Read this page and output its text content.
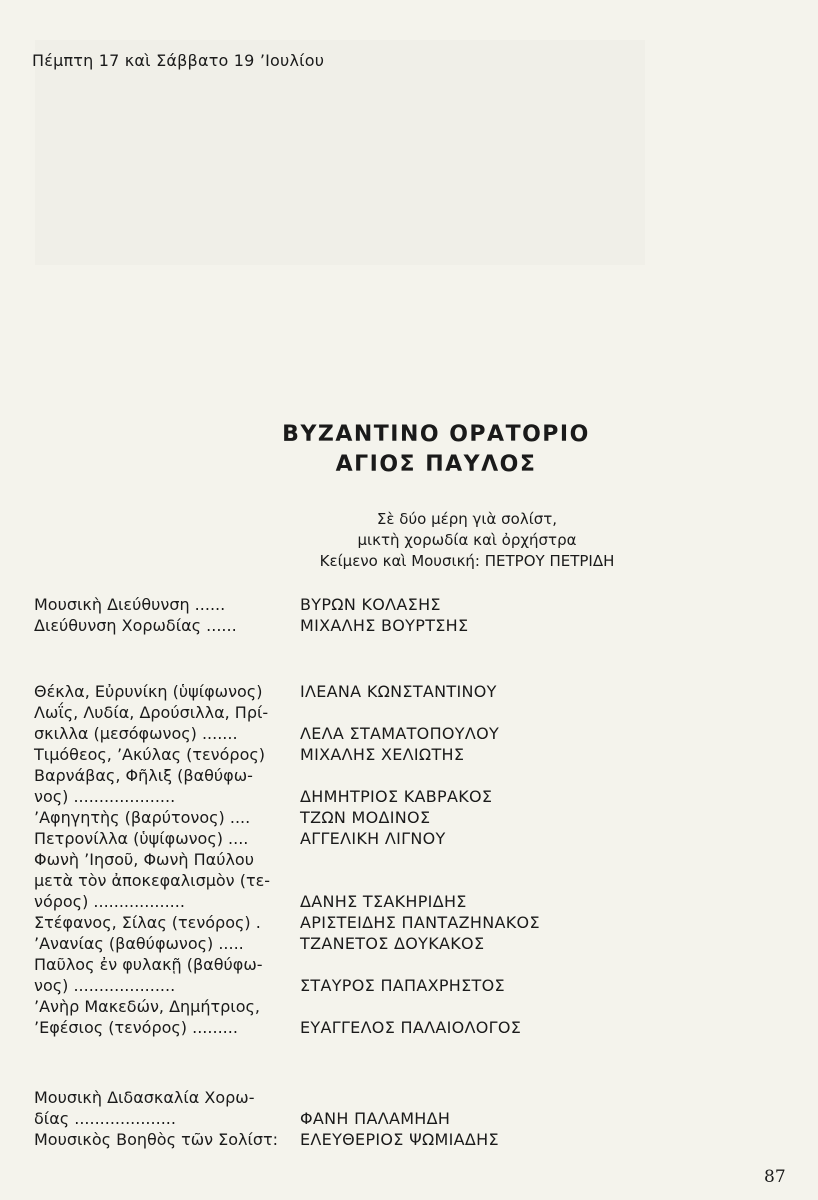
Πέμπτη 17 καὶ Σάββατο 19 ’Ιουλίου
ΒΥΖΑΝΤΙΝΟ ΟΡΑΤΟΡΙΟ
ΑΓΙΟΣ ΠΑΥΛΟΣ
Σὲ δύο μέρη γιὰ σολίστ,
μικτὴ χορωδία καὶ ὀρχήστρα
Κείμενο καὶ Μουσική: ΠΕΤΡΟΥ ΠΕΤΡΙΔΗ
Μουσικὴ Διεύθυνση ......	ΒΥΡΩΝ ΚΟΛΑΣΗΣ
Διεύθυνση Χορωδίας ......	ΜΙΧΑΛΗΣ ΒΟΥΡΤΣΗΣ
Θέκλα, Εὐρυνίκη (ὑψίφωνος) ΙΛΕΑΝΑ ΚΩΝΣΤΑΝΤΙΝΟΥ
Λωΐς, Λυδία, Δρούσιλλα, Πρί-
σκιλλα (μεσόφωνος) .......	ΛΕΛΑ ΣΤΑΜΑΤΟΠΟΥΛΟΥ
Τιμόθεος, ’Ακύλας (τενόρος) ΜΙΧΑΛΗΣ ΧΕΛΙΩΤΗΣ
Βαρνάβας, Φῆλιξ (βαθύφω-
νος) ....................	ΔΗΜΗΤΡΙΟΣ ΚΑΒΡΑΚΟΣ
’Αφηγητὴς (βαρύτονος) ....	ΤΖΩΝ ΜΟΔΙΝΟΣ
Πετρονίλλα (ὑψίφωνος) ....	ΑΓΓΕΛΙΚΗ ΛΙΓΝΟΥ
Φωνὴ ’Ιησοῦ, Φωνὴ Παύλου
μετὰ τὸν ἀποκεφαλισμὸν (τε-
νόρος) ..................	ΔΑΝΗΣ ΤΣΑΚΗΡΙΔΗΣ
Στέφανος, Σίλας (τενόρος) . ΑΡΙΣΤΕΙΔΗΣ ΠΑΝΤΑΖΗΝΑΚΟΣ
’Ανανίας (βαθύφωνος) .....	ΤΖΑΝΕΤΟΣ ΔΟΥΚΑΚΟΣ
Παῦλος ἐν φυλακῇ (βαθύφω-
νος) ....................	ΣΤΑΥΡΟΣ ΠΑΠΑΧΡΗΣΤΟΣ
’Ανὴρ Μακεδών, Δημήτριος,
’Εφέσιος (τενόρος) .........	ΕΥΑΓΓΕΛΟΣ ΠΑΛΑΙΟΛΟΓΟΣ
Μουσικὴ Διδασκαλία Χορω-
δίας ....................	ΦΑΝΗ ΠΑΛΑΜΗΔΗ
Μουσικὸς Βοηθὸς τῶν Σολίστ: ΕΛΕΥΘΕΡΙΟΣ ΨΩΜΙΑΔΗΣ
87
